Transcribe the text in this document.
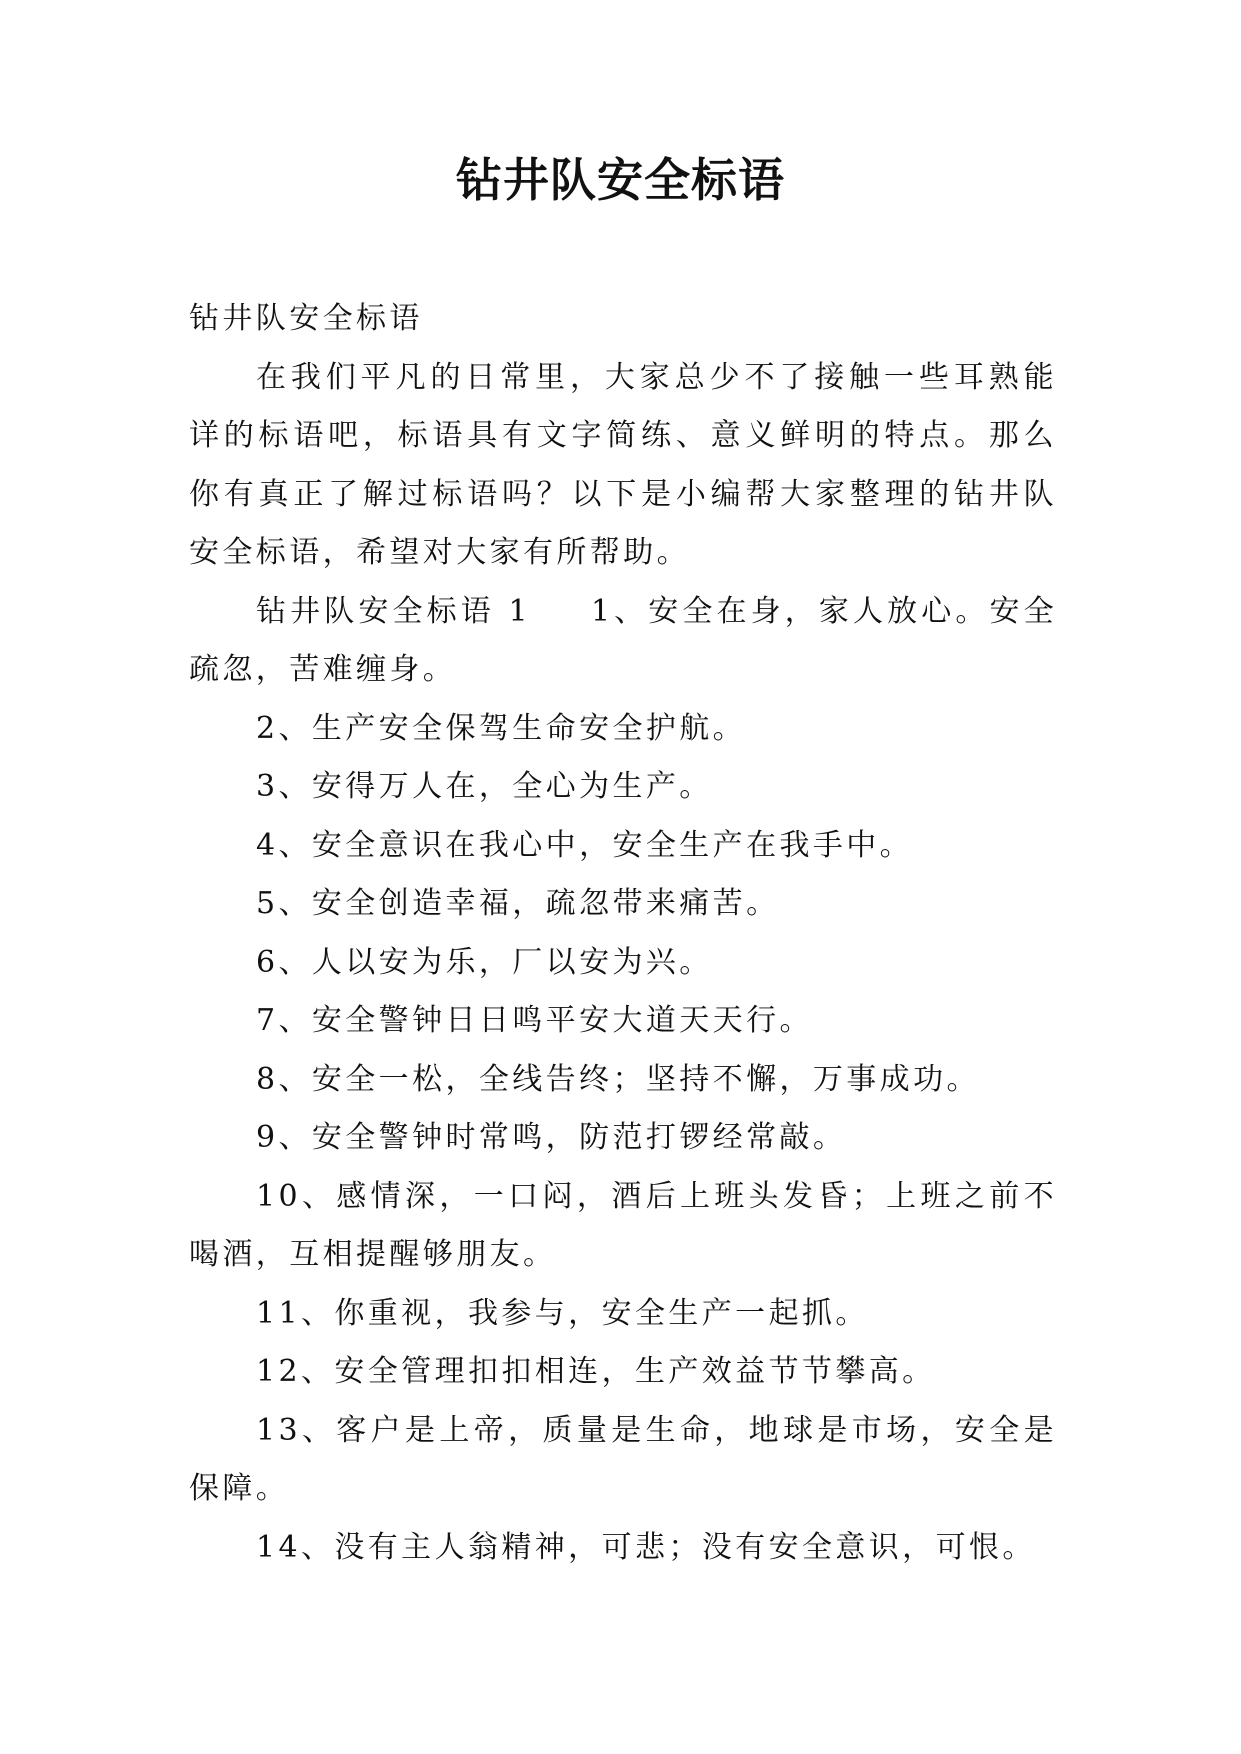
钻井队安全标语

钻井队安全标语

在我们平凡的日常里，大家总少不了接触一些耳熟能详的标语吧，标语具有文字简练、意义鲜明的特点。那么你有真正了解过标语吗？以下是小编帮大家整理的钻井队安全标语，希望对大家有所帮助。

钻井队安全标语 1 1、安全在身，家人放心。安全疏忽，苦难缠身。

2、生产安全保驾生命安全护航。

3、安得万人在，全心为生产。

4、安全意识在我心中，安全生产在我手中。

5、安全创造幸福，疏忽带来痛苦。

6、人以安为乐，厂以安为兴。

7、安全警钟日日鸣平安大道天天行。

8、安全一松，全线告终；坚持不懈，万事成功。

9、安全警钟时常鸣，防范打锣经常敲。

10、感情深，一口闷，酒后上班头发昏；上班之前不喝酒，互相提醒够朋友。

11、你重视，我参与，安全生产一起抓。

12、安全管理扣扣相连，生产效益节节攀高。

13、客户是上帝，质量是生命，地球是市场，安全是保障。

14、没有主人翁精神，可悲；没有安全意识，可恨。
